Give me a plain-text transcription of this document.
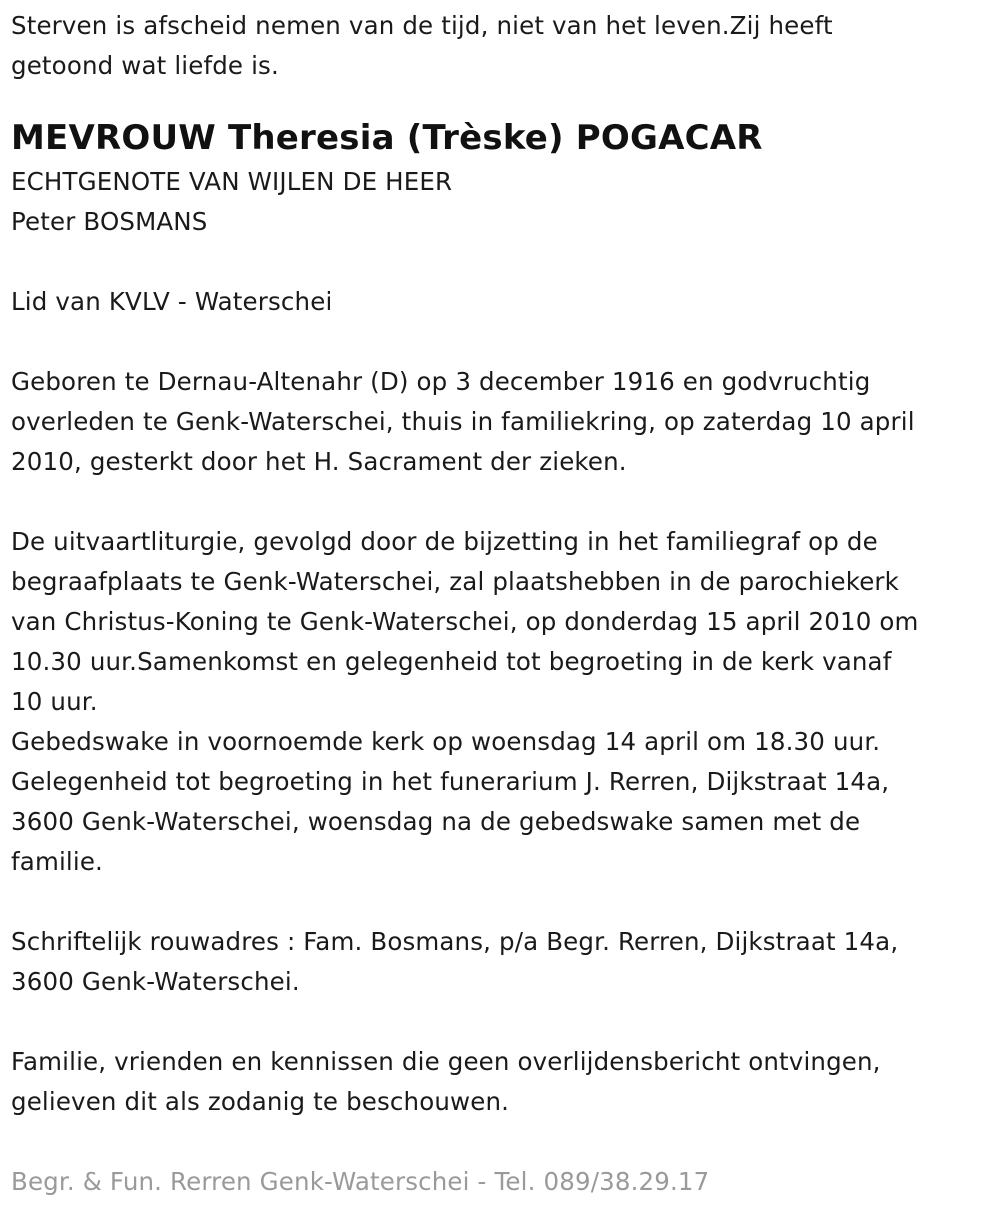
Sterven is afscheid nemen van de tijd, niet van het leven.Zij heeft
getoond wat liefde is.
MEVROUW Theresia (Trèske) POGACAR
ECHTGENOTE VAN WIJLEN DE HEER
Peter BOSMANS
Lid van KVLV - Waterschei
Geboren te Dernau-Altenahr (D) op 3 december 1916 en godvruchtig
overleden te Genk-Waterschei, thuis in familiekring, op zaterdag 10 april
2010, gesterkt door het H. Sacrament der zieken.
De uitvaartliturgie, gevolgd door de bijzetting in het familiegraf op de
begraafplaats te Genk-Waterschei, zal plaatshebben in de parochiekerk
van Christus-Koning te Genk-Waterschei, op donderdag 15 april 2010 om
10.30 uur.Samenkomst en gelegenheid tot begroeting in de kerk vanaf
10 uur.
Gebedswake in voornoemde kerk op woensdag 14 april om 18.30 uur.
Gelegenheid tot begroeting in het funerarium J. Rerren, Dijkstraat 14a,
3600 Genk-Waterschei, woensdag na de gebedswake samen met de
familie.
Schriftelijk rouwadres : Fam. Bosmans, p/a Begr. Rerren, Dijkstraat 14a,
3600 Genk-Waterschei.
Familie, vrienden en kennissen die geen overlijdensbericht ontvingen,
gelieven dit als zodanig te beschouwen.
Begr. & Fun. Rerren Genk-Waterschei - Tel. 089/38.29.17
